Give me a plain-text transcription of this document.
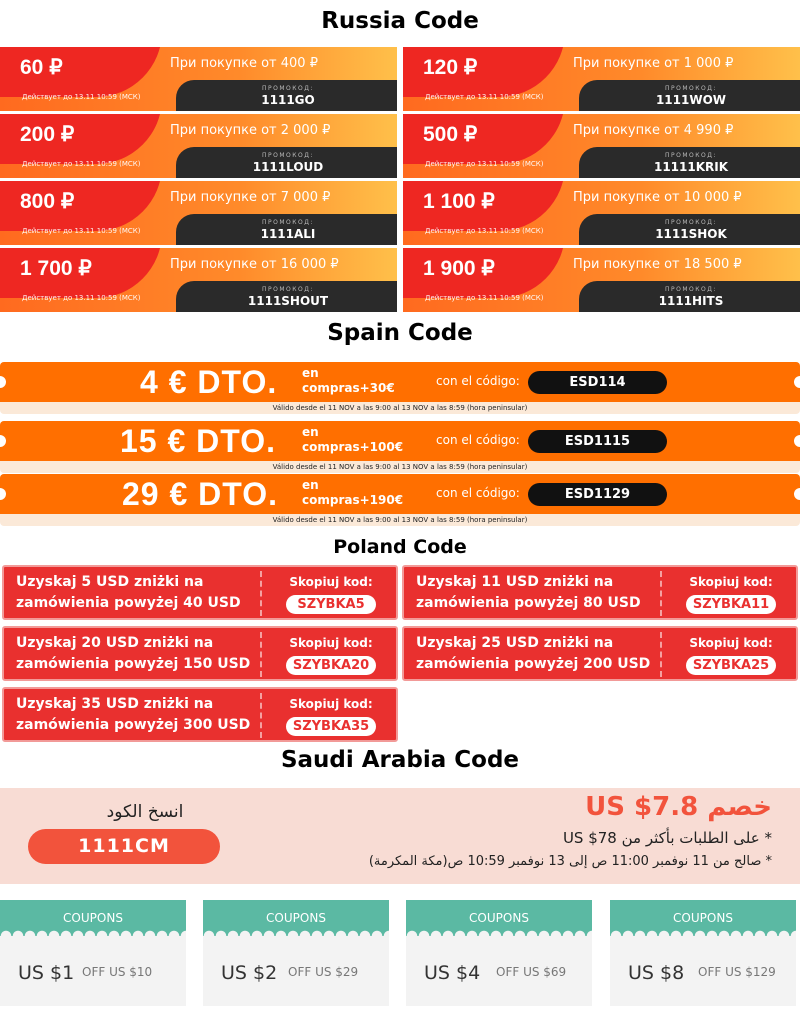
Russia Code
60 ₽
Действует до 13.11 10:59 (МСК)
При покупке от 400 ₽
ПРОМОКОД:
1111GO
120 ₽
Действует до 13.11 10:59 (МСК)
При покупке от 1 000 ₽
ПРОМОКОД:
1111WOW
200 ₽
Действует до 13.11 10:59 (МСК)
При покупке от 2 000 ₽
ПРОМОКОД:
1111LOUD
500 ₽
Действует до 13.11 10:59 (МСК)
При покупке от 4 990 ₽
ПРОМОКОД:
11111KRIK
800 ₽
Действует до 13.11 10:59 (МСК)
При покупке от 7 000 ₽
ПРОМОКОД:
1111ALI
1 100 ₽
Действует до 13.11 10:59 (МСК)
При покупке от 10 000 ₽
ПРОМОКОД:
1111SHOK
1 700 ₽
Действует до 13.11 10:59 (МСК)
При покупке от 16 000 ₽
ПРОМОКОД:
1111SHOUT
1 900 ₽
Действует до 13.11 10:59 (МСК)
При покупке от 18 500 ₽
ПРОМОКОД:
1111HITS
Spain Code
4 € DTO. en
compras+30€	con el código:	ESD114
Válido desde el 11 NOV a las 9:00 al 13 NOV a las 8:59 (hora peninsular)
15 € DTO. en
compras+100€	con el código:	ESD1115
Válido desde el 11 NOV a las 9:00 al 13 NOV a las 8:59 (hora peninsular)
29 € DTO. en
compras+190€	con el código:	ESD1129
Válido desde el 11 NOV a las 9:00 al 13 NOV a las 8:59 (hora peninsular)
Poland Code
Uzyskaj 5 USD zniżki na
zamówienia powyżej 40 USD
Skopiuj kod:
SZYBKA5
Uzyskaj 11 USD zniżki na
zamówienia powyżej 80 USD
Skopiuj kod:
SZYBKA11
Uzyskaj 20 USD zniżki na
zamówienia powyżej 150 USD
Skopiuj kod:
SZYBKA20
Uzyskaj 25 USD zniżki na
zamówienia powyżej 200 USD
Skopiuj kod:
SZYBKA25
Uzyskaj 35 USD zniżki na
zamówienia powyżej 300 USD
Skopiuj kod:
SZYBKA35
Saudi Arabia Code
انسخ الكود
1111CM
خصم US $7.8
* على الطلبات بأكثر من US $78
* صالح من 11 نوفمبر 11:00 ص إلى 13 نوفمبر 10:59 ص(مكة المكرمة)
COUPONS
US $1 OFF US $10
COUPONS
US $2 OFF US $29
COUPONS
US $4 OFF US $69
COUPONS
US $8 OFF US $129
